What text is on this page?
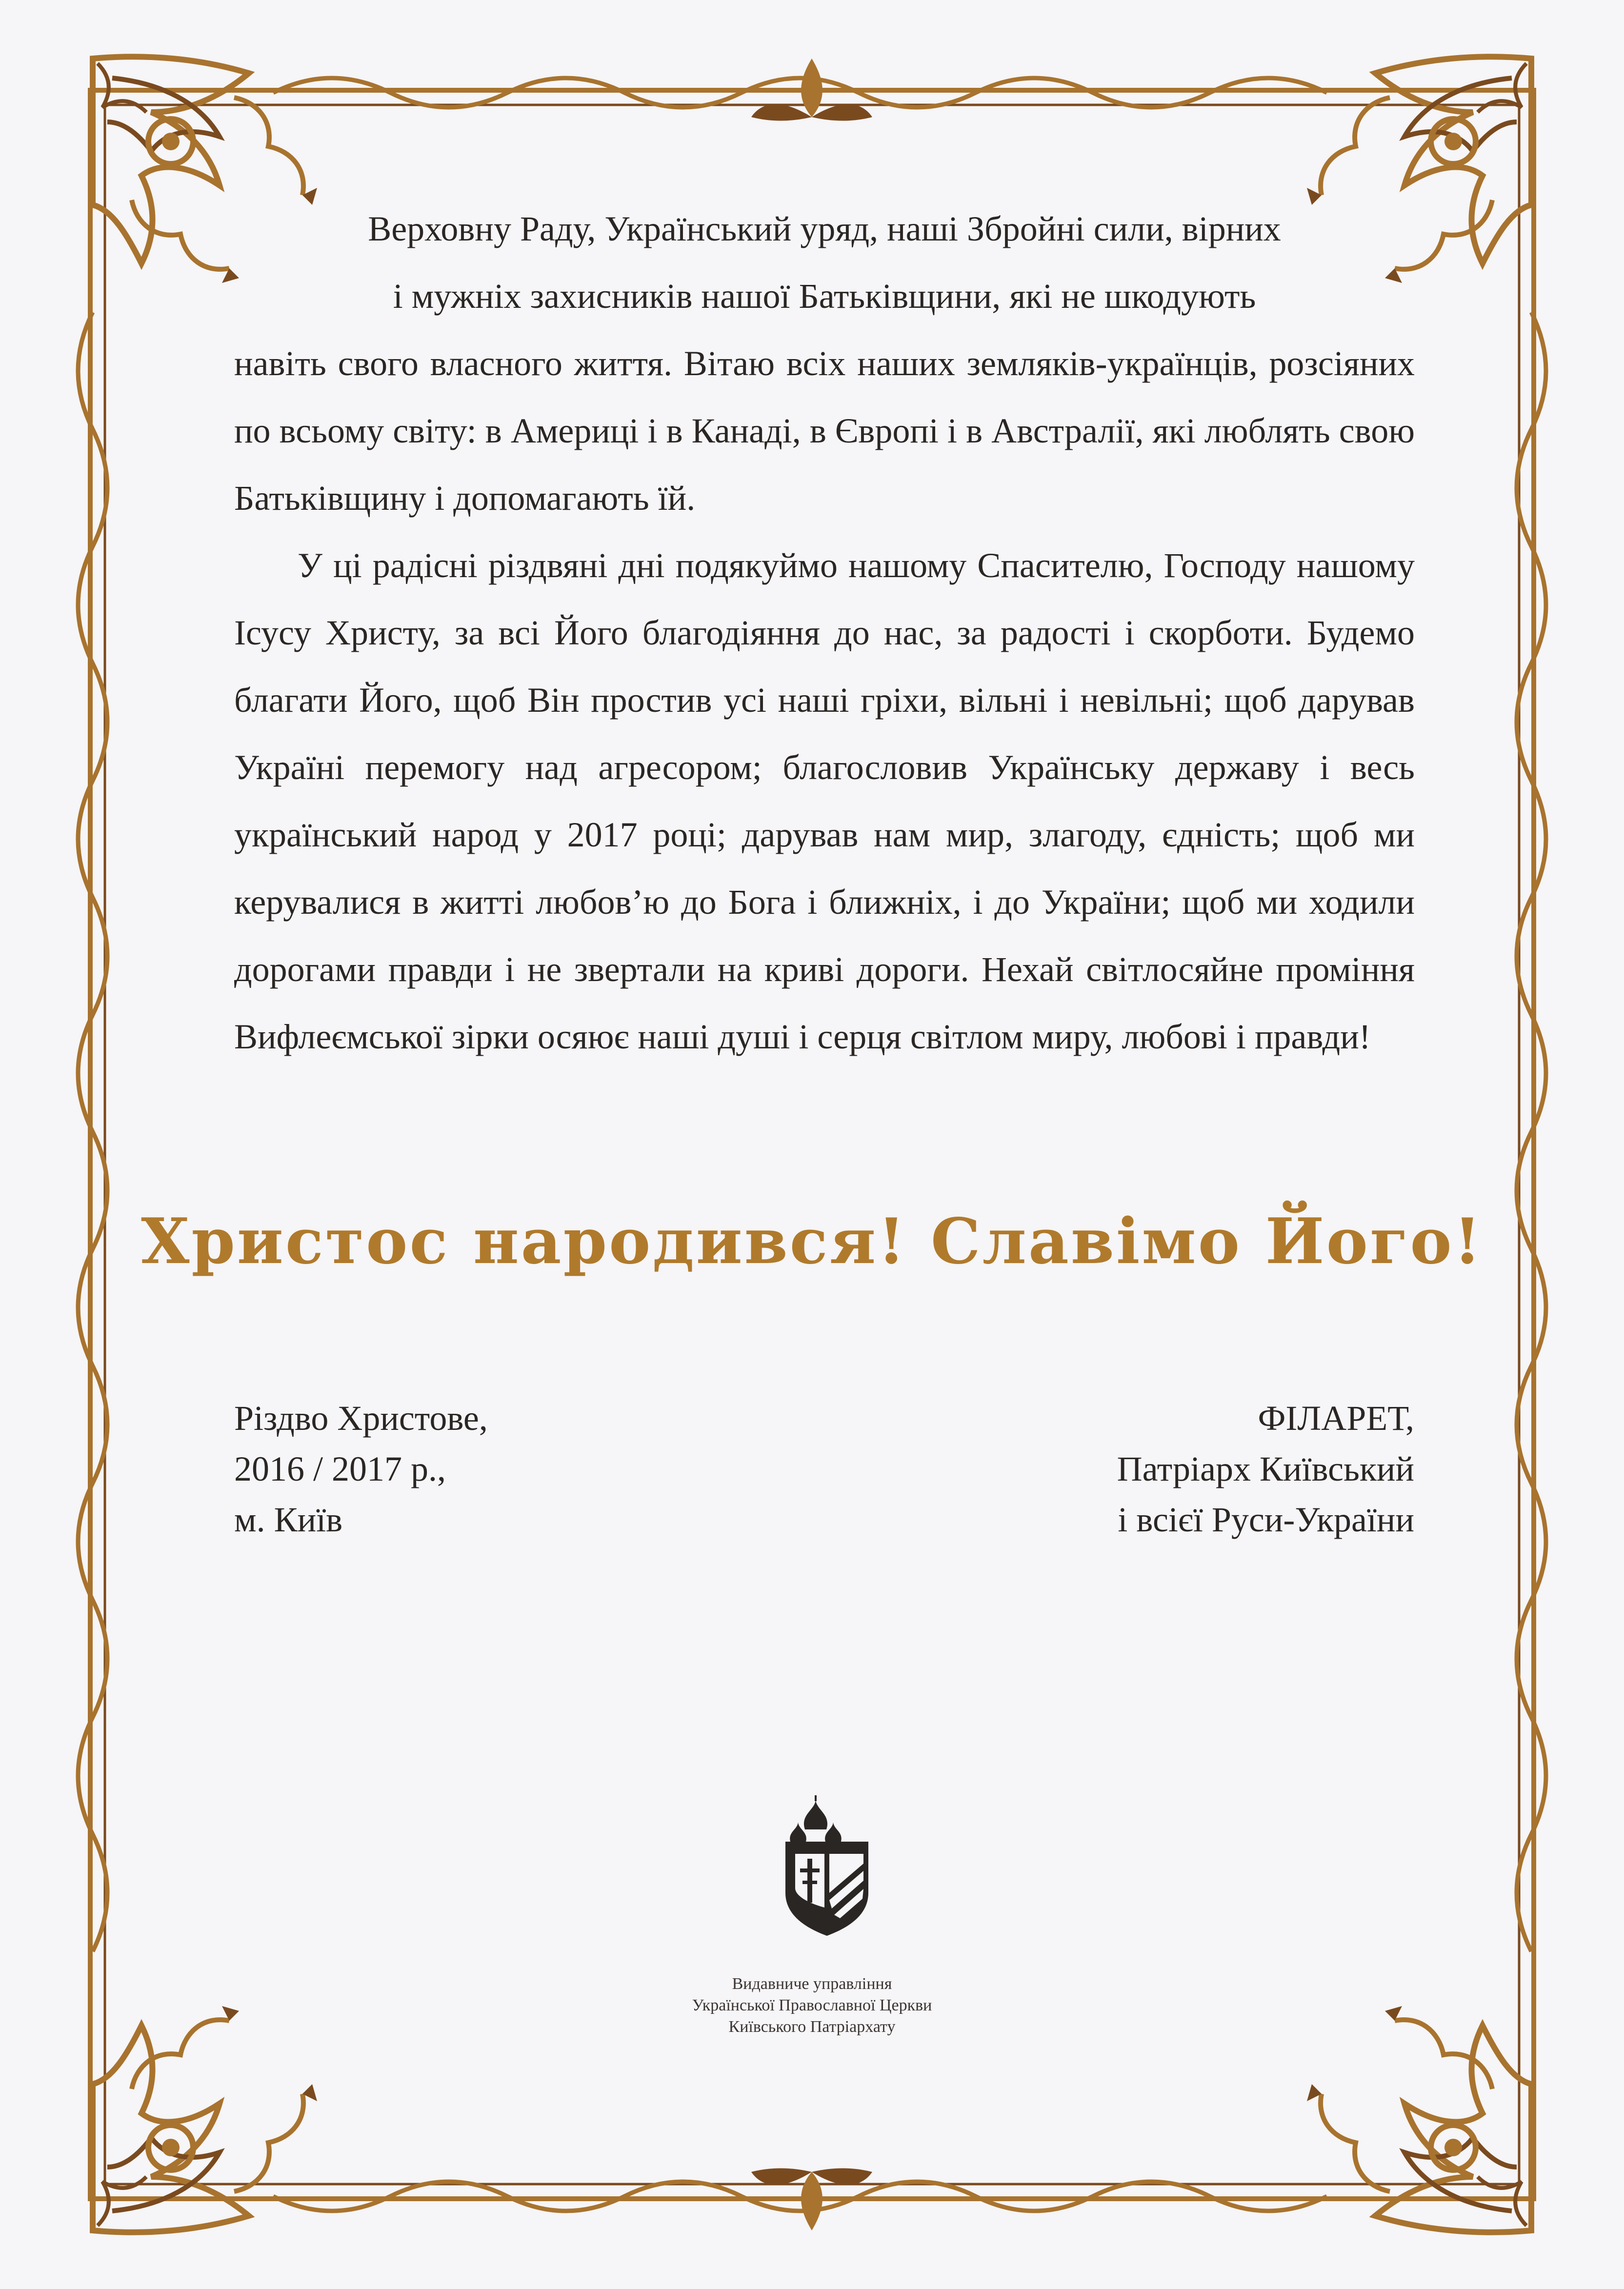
Верховну Раду, Український уряд, наші Збройні сили, вірних
і мужніх захисників нашої Батьківщини, які не шкодують
навіть свого власного життя. Вітаю всіх наших земляків-українців, розсіяних по всьому світу: в Америці і в Канаді, в Європі і в Австралії, які люблять свою Батьківщину і допомагають їй.

У ці радісні різдвяні дні подякуймо нашому Спасителю, Господу нашому Ісусу Христу, за всі Його благодіяння до нас, за радості і скорботи. Будемо благати Його, щоб Він простив усі наші гріхи, вільні і невільні; щоб дарував Україні перемогу над агресором; благословив Українську державу і весь український народ у 2017 році; дарував нам мир, злагоду, єдність; щоб ми керувалися в житті любов’ю до Бога і ближніх, і до України; щоб ми ходили дорогами правди і не звертали на криві дороги. Нехай світлосяйне проміння Вифлеємської зірки осяює наші душі і серця світлом миру, любові і правди!

Христос народився! Славімо Його!
Різдво Христове,
2016 / 2017 р.,
м. Київ
ФІЛАРЕТ,
Патріарх Київський
і всієї Руси-України
Видавниче управління
Української Православної Церкви
Київського Патріархату
